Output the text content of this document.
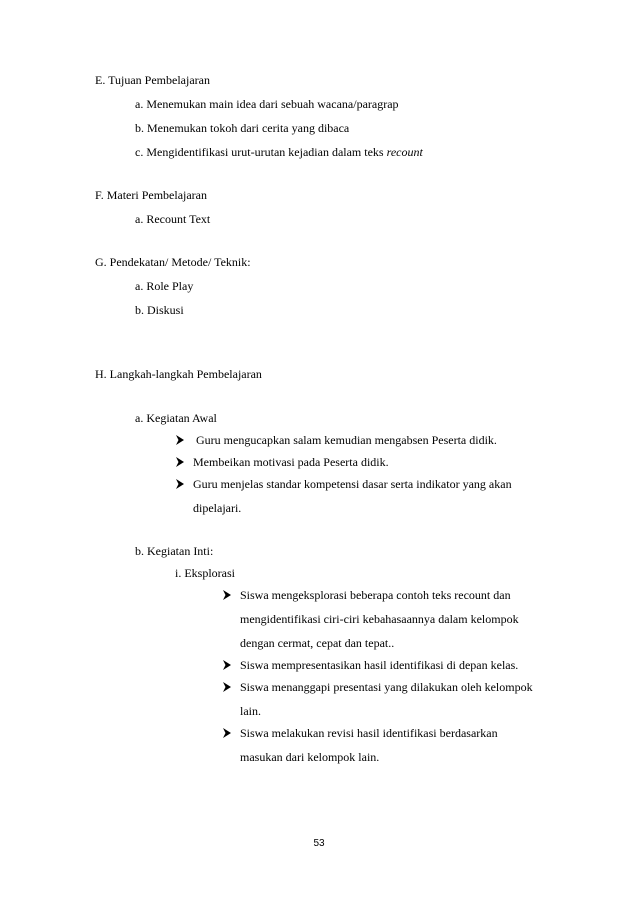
E. Tujuan Pembelajaran
a. Menemukan main idea dari sebuah wacana/paragrap
b. Menemukan tokoh dari cerita yang dibaca
c. Mengidentifikasi urut-urutan kejadian dalam teks recount
F. Materi Pembelajaran
a. Recount Text
G. Pendekatan/ Metode/ Teknik:
a. Role Play
b. Diskusi
H. Langkah-langkah Pembelajaran
a. Kegiatan Awal
Guru mengucapkan salam kemudian mengabsen Peserta didik.
Membeikan motivasi pada Peserta didik.
Guru menjelas standar kompetensi dasar serta indikator yang akan
dipelajari.
b. Kegiatan Inti:
i. Eksplorasi
Siswa mengeksplorasi beberapa contoh teks recount dan
mengidentifikasi ciri-ciri kebahasaannya dalam kelompok
dengan cermat, cepat dan tepat..
Siswa mempresentasikan hasil identifikasi di depan kelas.
Siswa menanggapi presentasi yang dilakukan oleh kelompok
lain.
Siswa melakukan revisi hasil identifikasi berdasarkan
masukan dari kelompok lain.
53
